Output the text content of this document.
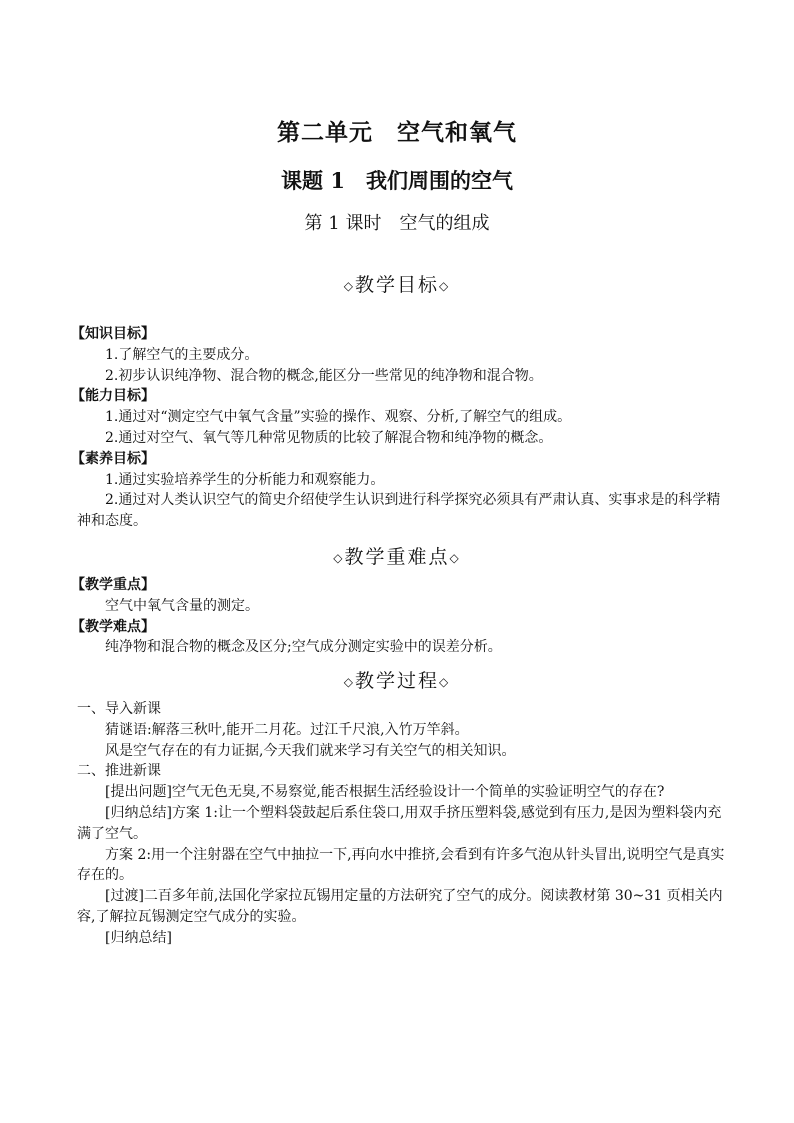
第二单元　空气和氧气
课题 1　我们周围的空气
第 1 课时　空气的组成
◇教学目标◇
【知识目标】
1.了解空气的主要成分。
2.初步认识纯净物、混合物的概念,能区分一些常见的纯净物和混合物。
【能力目标】
1.通过对“测定空气中氧气含量”实验的操作、观察、分析,了解空气的组成。
2.通过对空气、氧气等几种常见物质的比较了解混合物和纯净物的概念。
【素养目标】
1.通过实验培养学生的分析能力和观察能力。
2.通过对人类认识空气的简史介绍使学生认识到进行科学探究必须具有严肃认真、实事求是的科学精神和态度。
◇教学重难点◇
【教学重点】
空气中氧气含量的测定。
【教学难点】
纯净物和混合物的概念及区分;空气成分测定实验中的误差分析。
◇教学过程◇
一、导入新课
猜谜语:解落三秋叶,能开二月花。过江千尺浪,入竹万竿斜。
风是空气存在的有力证据,今天我们就来学习有关空气的相关知识。
二、推进新课
[提出问题]空气无色无臭,不易察觉,能否根据生活经验设计一个简单的实验证明空气的存在?
[归纳总结]方案 1:让一个塑料袋鼓起后系住袋口,用双手挤压塑料袋,感觉到有压力,是因为塑料袋内充满了空气。
方案 2:用一个注射器在空气中抽拉一下,再向水中推挤,会看到有许多气泡从针头冒出,说明空气是真实存在的。
[过渡]二百多年前,法国化学家拉瓦锡用定量的方法研究了空气的成分。阅读教材第 30~31 页相关内容,了解拉瓦锡测定空气成分的实验。
[归纳总结]
